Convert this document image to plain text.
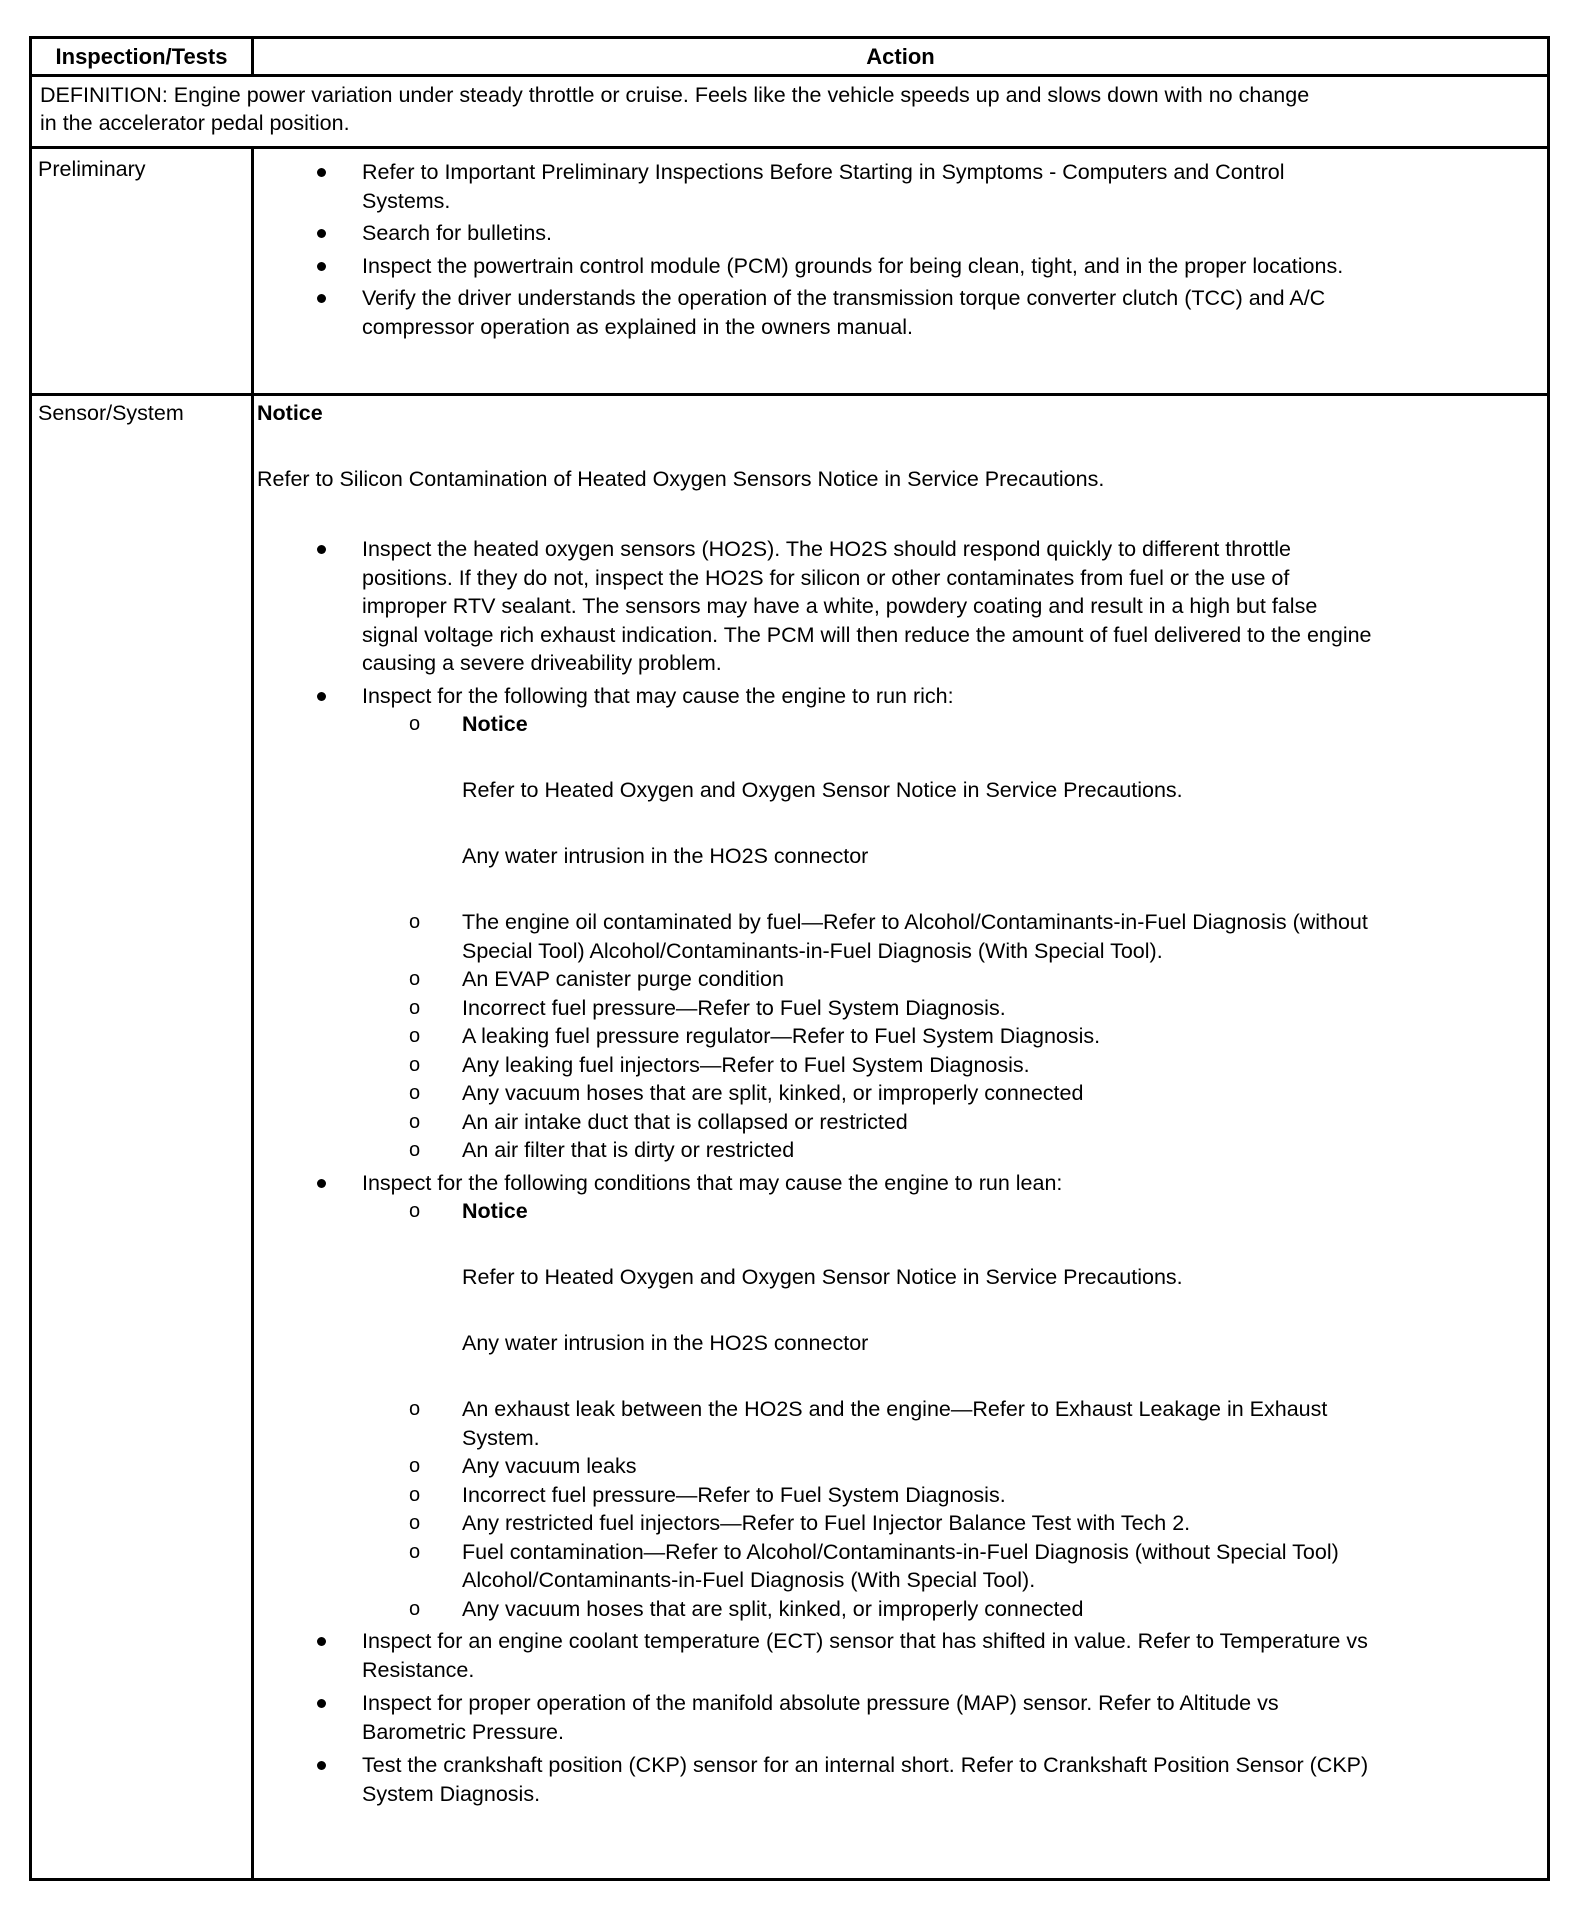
Inspection/Tests	Action
DEFINITION: Engine power variation under steady throttle or cruise. Feels like the vehicle speeds up and slows down with no change
in the accelerator pedal position.
Preliminary
Sensor/System
Refer to Important Preliminary Inspections Before Starting in Symptoms - Computers and Control
Systems.
Search for bulletins.
Inspect the powertrain control module (PCM) grounds for being clean, tight, and in the proper locations.
Verify the driver understands the operation of the transmission torque converter clutch (TCC) and A/C
compressor operation as explained in the owners manual.
Notice
Refer to Silicon Contamination of Heated Oxygen Sensors Notice in Service Precautions.
Inspect the heated oxygen sensors (HO2S). The HO2S should respond quickly to different throttle
positions. If they do not, inspect the HO2S for silicon or other contaminates from fuel or the use of
improper RTV sealant. The sensors may have a white, powdery coating and result in a high but false
signal voltage rich exhaust indication. The PCM will then reduce the amount of fuel delivered to the engine
causing a severe driveability problem.
Inspect for the following that may cause the engine to run rich:
o Notice
Refer to Heated Oxygen and Oxygen Sensor Notice in Service Precautions.
Any water intrusion in the HO2S connector
o The engine oil contaminated by fuel—Refer to Alcohol/Contaminants-in-Fuel Diagnosis (without
Special Tool) Alcohol/Contaminants-in-Fuel Diagnosis (With Special Tool).
o An EVAP canister purge condition
o Incorrect fuel pressure—Refer to Fuel System Diagnosis.
o A leaking fuel pressure regulator—Refer to Fuel System Diagnosis.
o Any leaking fuel injectors—Refer to Fuel System Diagnosis.
o Any vacuum hoses that are split, kinked, or improperly connected
o An air intake duct that is collapsed or restricted
o An air filter that is dirty or restricted
Inspect for the following conditions that may cause the engine to run lean:
o Notice
Refer to Heated Oxygen and Oxygen Sensor Notice in Service Precautions.
Any water intrusion in the HO2S connector
o An exhaust leak between the HO2S and the engine—Refer to Exhaust Leakage in Exhaust
System.
o Any vacuum leaks
o Incorrect fuel pressure—Refer to Fuel System Diagnosis.
o Any restricted fuel injectors—Refer to Fuel Injector Balance Test with Tech 2.
o Fuel contamination—Refer to Alcohol/Contaminants-in-Fuel Diagnosis (without Special Tool)
Alcohol/Contaminants-in-Fuel Diagnosis (With Special Tool).
o Any vacuum hoses that are split, kinked, or improperly connected
Inspect for an engine coolant temperature (ECT) sensor that has shifted in value. Refer to Temperature vs
Resistance.
Inspect for proper operation of the manifold absolute pressure (MAP) sensor. Refer to Altitude vs
Barometric Pressure.
Test the crankshaft position (CKP) sensor for an internal short. Refer to Crankshaft Position Sensor (CKP)
System Diagnosis.
